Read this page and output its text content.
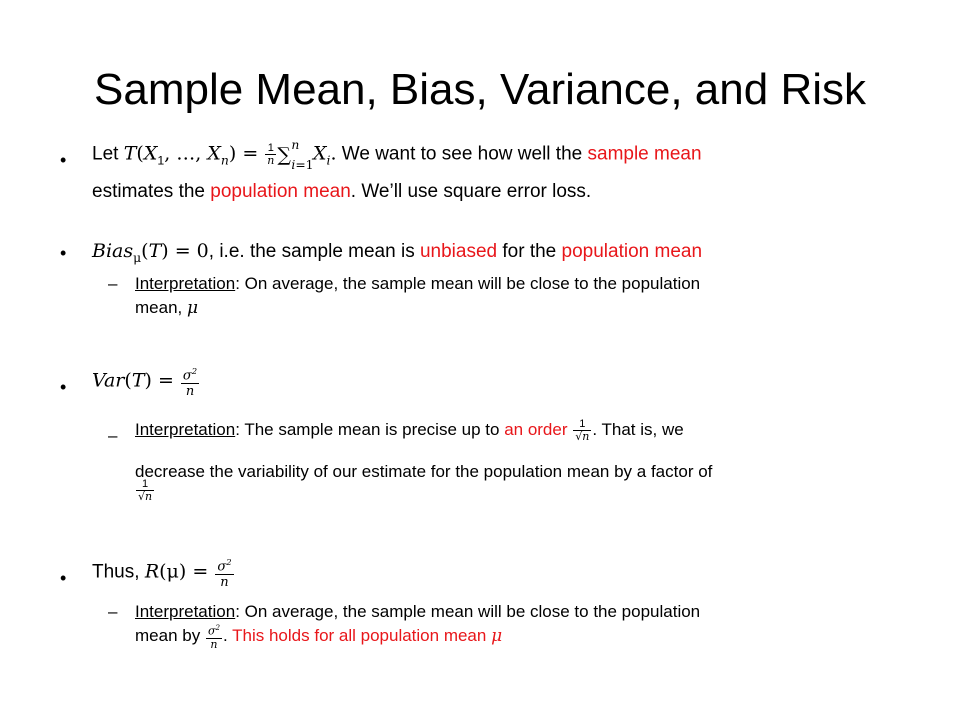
Sample Mean, Bias, Variance, and Risk
• Let $T(X_1$, …, $X_n) = \frac{1}{n}$ ∑ n
i=1 $X_i$. We want to see how well the sample mean
estimates the population mean. We’ll use square error loss.
• Bias$_\mu$(T) = 0, i.e. the sample mean is unbiased for the population mean
– Interpretation: On average, the sample mean will be close to the population
mean, μ
• $Var(T) = \frac{\sigma^2}{n}$
– Interpretation: The sample mean is precise up to an order $\frac{1}{√n}$ . That is, we
decrease the variability of our estimate for the population mean by a factor of
$\frac{1}{√n}$
• Thus, $R(\mu) = \frac{\sigma^2}{n}$
– Interpretation: On average, the sample mean will be close to the population
mean by $\frac{\sigma^2}{n}$ . This holds for all population mean μ
